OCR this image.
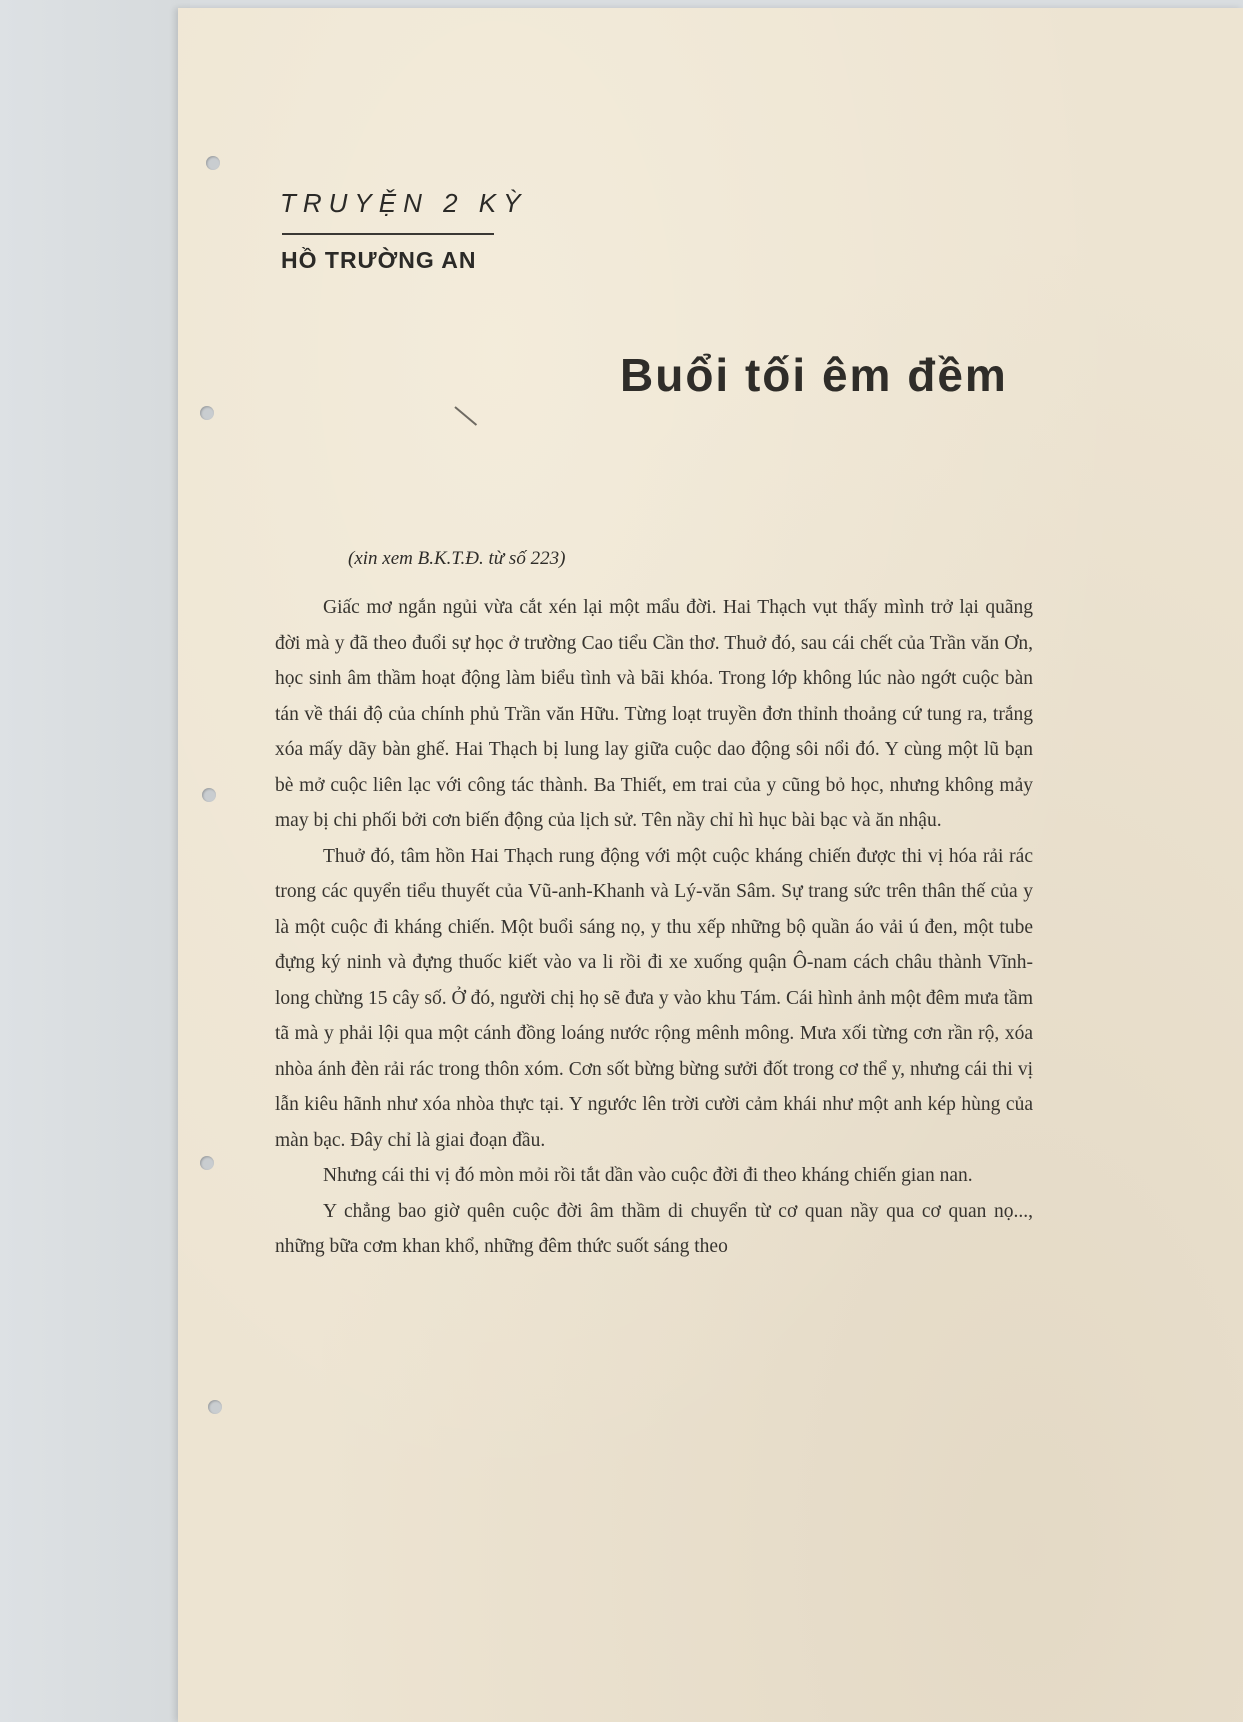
TRUYỆN 2 KỲ
HỒ TRƯỜNG AN
Buổi tối êm đềm
(xin xem B.K.T.Đ. từ số 223)

Giấc mơ ngắn ngủi vừa cắt xén lại một mẩu đời. Hai Thạch vụt thấy mình trở lại quãng đời mà y đã theo đuổi sự học ở trường Cao tiểu Cần thơ. Thuở đó, sau cái chết của Trần văn Ơn, học sinh âm thầm hoạt động làm biểu tình và bãi khóa. Trong lớp không lúc nào ngớt cuộc bàn tán về thái độ của chính phủ Trần văn Hữu. Từng loạt truyền đơn thỉnh thoảng cứ tung ra, trắng xóa mấy dãy bàn ghế. Hai Thạch bị lung lay giữa cuộc dao động sôi nổi đó. Y cùng một lũ bạn bè mở cuộc liên lạc với công tác thành. Ba Thiết, em trai của y cũng bỏ học, nhưng không mảy may bị chi phối bởi cơn biến động của lịch sử. Tên nầy chỉ hì hục bài bạc và ăn nhậu.

Thuở đó, tâm hồn Hai Thạch rung động với một cuộc kháng chiến được thi vị hóa rải rác trong các quyển tiểu thuyết của Vũ-anh-Khanh và Lý-văn Sâm. Sự trang sức trên thân thế của y là một cuộc đi kháng chiến. Một buổi sáng nọ, y thu xếp những bộ quần áo vải ú đen, một tube đựng ký ninh và đựng thuốc kiết vào va li rồi đi xe xuống quận Ô-nam cách châu thành Vĩnh-long chừng 15 cây số. Ở đó, người chị họ sẽ đưa y vào khu Tám. Cái hình ảnh một đêm mưa tầm tã mà y phải lội qua một cánh đồng loáng nước rộng mênh mông. Mưa xối từng cơn rần rộ, xóa nhòa ánh đèn rải rác trong thôn xóm. Cơn sốt bừng bừng sưởi đốt trong cơ thể y, nhưng cái thi vị lẫn kiêu hãnh như xóa nhòa thực tại. Y ngước lên trời cười cảm khái như một anh kép hùng của màn bạc. Đây chỉ là giai đoạn đầu.

Nhưng cái thi vị đó mòn mỏi rồi tắt dần vào cuộc đời đi theo kháng chiến gian nan.

Y chẳng bao giờ quên cuộc đời âm thầm di chuyển từ cơ quan nầy qua cơ quan nọ..., những bữa cơm khan khổ, những đêm thức suốt sáng theo
